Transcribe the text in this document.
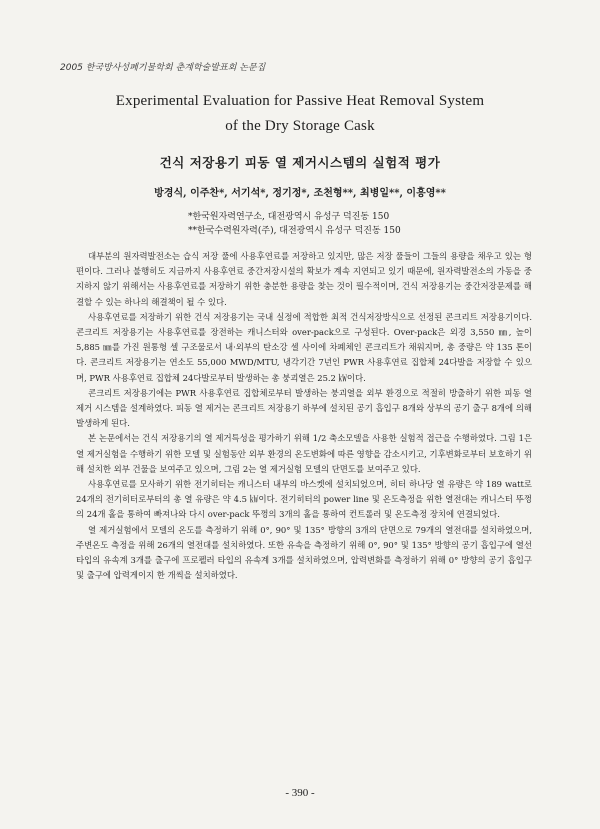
2005 한국방사성폐기물학회 춘계학술발표회 논문집
Experimental Evaluation for Passive Heat Removal System
of the Dry Storage Cask
건식 저장용기 피동 열 제거시스템의 실험적 평가
방경식, 이주찬*, 서기석*, 정기정*, 조천형**, 최병일**, 이흥영**
*한국원자력연구소, 대전광역시 유성구 덕진동 150
**한국수력원자력(주), 대전광역시 유성구 덕진동 150

대부분의 원자력발전소는 습식 저장 풀에 사용후연료를 저장하고 있지만, 많은 저장 풀들이 그들의 용량을 채우고 있는 형편이다. 그러나 불행히도 지금까지 사용후연료 중간저장시설의 확보가 계속 지연되고 있기 때문에, 원자력발전소의 가동을 중지하지 않기 위해서는 사용후연료를 저장하기 위한 충분한 용량을 찾는 것이 필수적이며, 건식 저장용기는 중간저장문제를 해결할 수 있는 하나의 해결책이 될 수 있다.

사용후연료를 저장하기 위한 건식 저장용기는 국내 실정에 적합한 최적 건식저장방식으로 선정된 콘크리트 저장용기이다. 콘크리트 저장용기는 사용후연료를 장전하는 캐니스터와 over-pack으로 구성된다. Over-pack은 외경 3,550 ㎜, 높이 5,885 ㎜를 가진 원통형 셀 구조물로서 내·외부의 탄소강 셀 사이에 차폐체인 콘크리트가 채워지며, 총 중량은 약 135 톤이다. 콘크리트 저장용기는 연소도 55,000 MWD/MTU, 냉각기간 7년인 PWR 사용후연료 집합체 24다발을 저장할 수 있으며, PWR 사용후연료 집합체 24다발로부터 발생하는 총 붕괴열은 25.2 ㎾이다.

콘크리트 저장용기에는 PWR 사용후연료 집합체로부터 발생하는 붕괴열을 외부 환경으로 적절히 방출하기 위한 피동 열 제거 시스템을 설계하였다. 피동 열 제거는 콘크리트 저장용기 하부에 설치된 공기 흡입구 8개와 상부의 공기 출구 8개에 의해 발생하게 된다.

본 논문에서는 건식 저장용기의 열 제거특성을 평가하기 위해 1/2 축소모델을 사용한 실험적 접근을 수행하였다. 그림 1은 열 제거실험을 수행하기 위한 모델 및 실험동안 외부 환경의 온도변화에 따른 영향을 감소시키고, 기후변화로부터 보호하기 위해 설치한 외부 건물을 보여주고 있으며, 그림 2는 열 제거실험 모델의 단면도를 보여주고 있다.

사용후연료를 모사하기 위한 전기히터는 캐니스터 내부의 바스켓에 설치되었으며, 히터 하나당 열 유량은 약 189 watt로 24개의 전기히터로부터의 총 열 유량은 약 4.5 ㎾이다. 전기히터의 power line 및 온도측정을 위한 열전대는 캐니스터 뚜껑의 24개 홀을 통하여 빠져나와 다시 over-pack 뚜껑의 3개의 홀을 통하여 컨트롤러 및 온도측정 장치에 연결되었다.

열 제거실험에서 모델의 온도를 측정하기 위해 0°, 90° 및 135° 방향의 3개의 단면으로 79개의 열전대를 설치하였으며, 주변온도 측정을 위해 26개의 열전대를 설치하였다. 또한 유속을 측정하기 위해 0°, 90° 및 135° 방향의 공기 흡입구에 열선 타입의 유속계 3개를 출구에 프로펠러 타입의 유속계 3개를 설치하였으며, 압력변화를 측정하기 위해 0° 방향의 공기 흡입구 및 출구에 압력게이지 한 개씩을 설치하였다.

- 390 -
